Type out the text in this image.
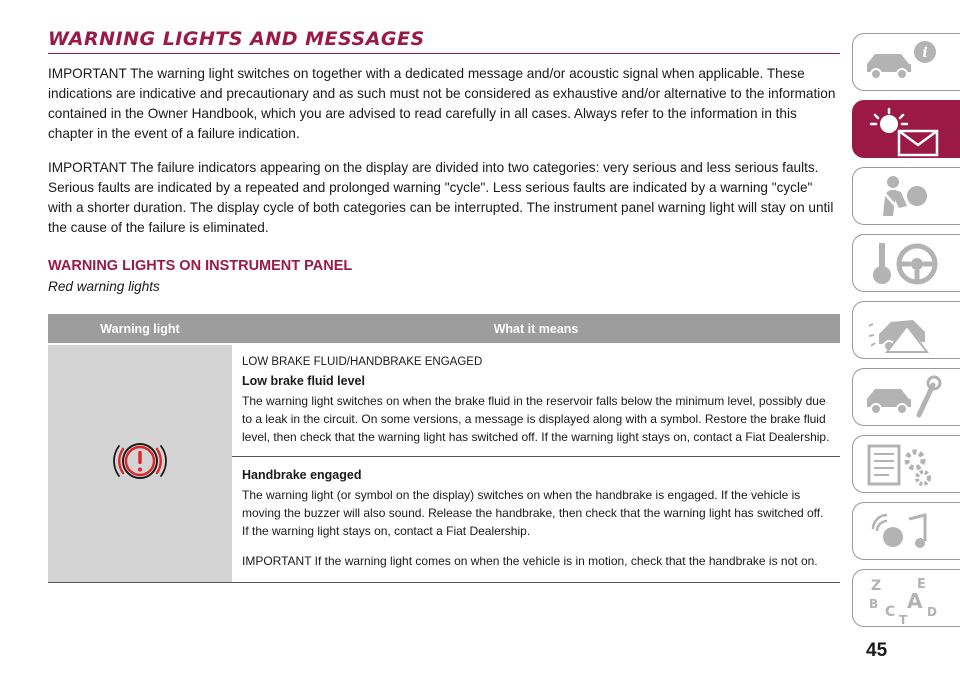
WARNING LIGHTS AND MESSAGES

IMPORTANT The warning light switches on together with a dedicated message and/or acoustic signal when applicable. These indications are indicative and precautionary and as such must not be considered as exhaustive and/or alternative to the information contained in the Owner Handbook, which you are advised to read carefully in all cases. Always refer to the information in this chapter in the event of a failure indication.

IMPORTANT The failure indicators appearing on the display are divided into two categories: very serious and less serious faults. Serious faults are indicated by a repeated and prolonged warning "cycle". Less serious faults are indicated by a warning "cycle" with a shorter duration. The display cycle of both categories can be interrupted. The instrument panel warning light will stay on until the cause of the failure is eliminated.

WARNING LIGHTS ON INSTRUMENT PANEL

Red warning lights

Warning light	What it means

LOW BRAKE FLUID/HANDBRAKE ENGAGED
Low brake fluid level
The warning light switches on when the brake fluid in the reservoir falls below the minimum level, possibly due to a leak in the circuit. On some versions, a message is displayed along with a symbol. Restore the brake fluid level, then check that the warning light has switched off. If the warning light stays on, contact a Fiat Dealership.

	Handbrake engaged
The warning light (or symbol on the display) switches on when the handbrake is engaged. If the vehicle is moving the buzzer will also sound. Release the handbrake, then check that the warning light has switched off. If the warning light stays on, contact a Fiat Dealership.
IMPORTANT If the warning light comes on when the vehicle is in motion, check that the handbrake is not on.
i
Z	E
B A
C	D
T
45
